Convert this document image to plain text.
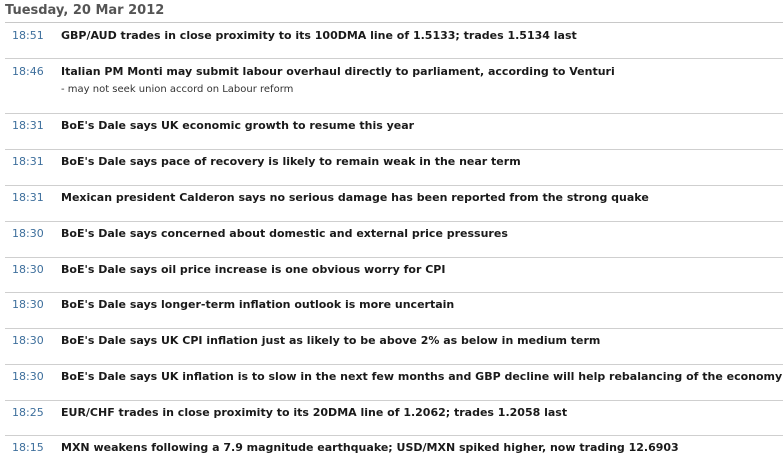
Tuesday, 20 Mar 2012
18:51 GBP/AUD trades in close proximity to its 100DMA line of 1.5133; trades 1.5134 last
18:46 Italian PM Monti may submit labour overhaul directly to parliament, according to Venturi
- may not seek union accord on Labour reform
18:31 BoE's Dale says UK economic growth to resume this year
18:31 BoE's Dale says pace of recovery is likely to remain weak in the near term
18:31 Mexican president Calderon says no serious damage has been reported from the strong quake
18:30 BoE's Dale says concerned about domestic and external price pressures
18:30 BoE's Dale says oil price increase is one obvious worry for CPI
18:30 BoE's Dale says longer-term inflation outlook is more uncertain
18:30 BoE's Dale says UK CPI inflation just as likely to be above 2% as below in medium term
18:30 BoE's Dale says UK inflation is to slow in the next few months and GBP decline will help rebalancing of the economy
18:25 EUR/CHF trades in close proximity to its 20DMA line of 1.2062; trades 1.2058 last
18:15 MXN weakens following a 7.9 magnitude earthquake; USD/MXN spiked higher, now trading 12.6903
